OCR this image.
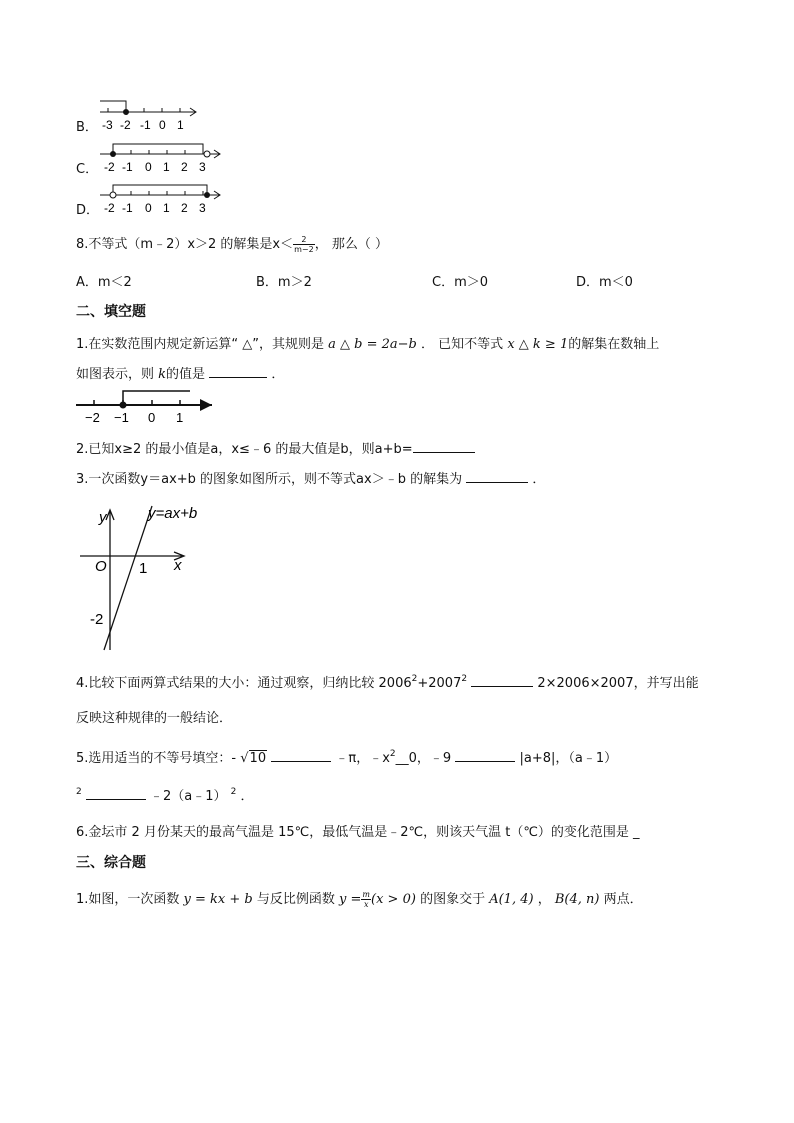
B． -3 -2 -1 0 1
C． -2 -1 0 1 2 3
D． -2 -1 0 1 2 3
8.不等式（m﹣2）x＞2 的解集是$x< \frac{2}{m-2}$ ， 那么（ ）
A．m＜2	B．m＞2	C．m＞0	D．m＜0
二、填空题
1.在实数范围内规定新运算“ △”，其规则是 a △ b = 2a−b ． 已知不等式 x △ k ≥ 1的解集在数轴上
如图表示，则 k的值是	．
−2 −1 0 1
2.已知x≥2 的最小值是a，x≤﹣6 的最大值是b，则a+b=
3.一次函数y＝ax+b 的图象如图所示，则不等式ax＞﹣b 的解集为	．
y
x
O
y=ax+b
1
-2
4.比较下面两算式结果的大小：通过观察，归纳比较 $2006^2+2007^2$	2×2006×2007，并写出能
反映这种规律的一般结论．
5.选用适当的不等号填空：- √10	﹣π，$﹣x^2\_\_0$，﹣9	|a+8|，（a﹣1）
$^2$	﹣2（a﹣1） $^2$ ．
6.金坛市 2 月份某天的最高气温是 15℃，最低气温是﹣2℃，则该天气温 t（℃）的变化范围是 _
三、综合题
1.如图，一次函数 y = kx + b 与反比例函数 $y = \frac{m}{x} (x > 0)$ 的图象交于 A(1, 4) ， B(4, n) 两点．
